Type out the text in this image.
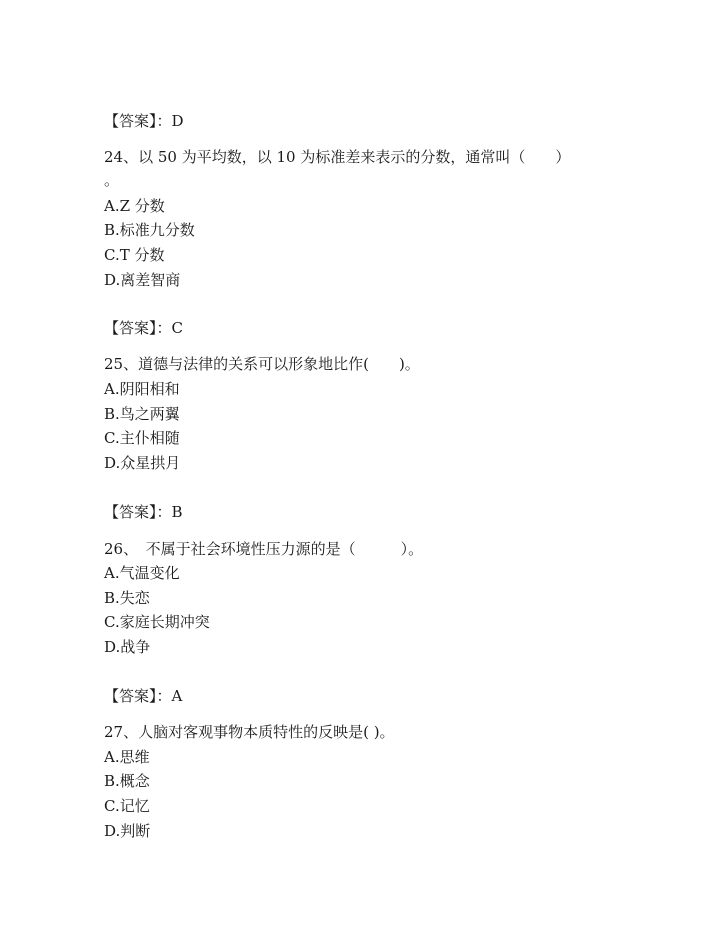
【答案】：D
24、以 50 为平均数，以 10 为标准差来表示的分数，通常叫（　　）
。
A.Z 分数
B.标准九分数
C.T 分数
D.离差智商
【答案】：C
25、道德与法律的关系可以形象地比作(　　)。
A.阴阳相和
B.鸟之两翼
C.主仆相随
D.众星拱月
【答案】：B
26、　不属于社会环境性压力源的是（　　　）。
A.气温变化
B.失恋
C.家庭长期冲突
D.战争
【答案】：A
27、人脑对客观事物本质特性的反映是( )。
A.思维
B.概念
C.记忆
D.判断
